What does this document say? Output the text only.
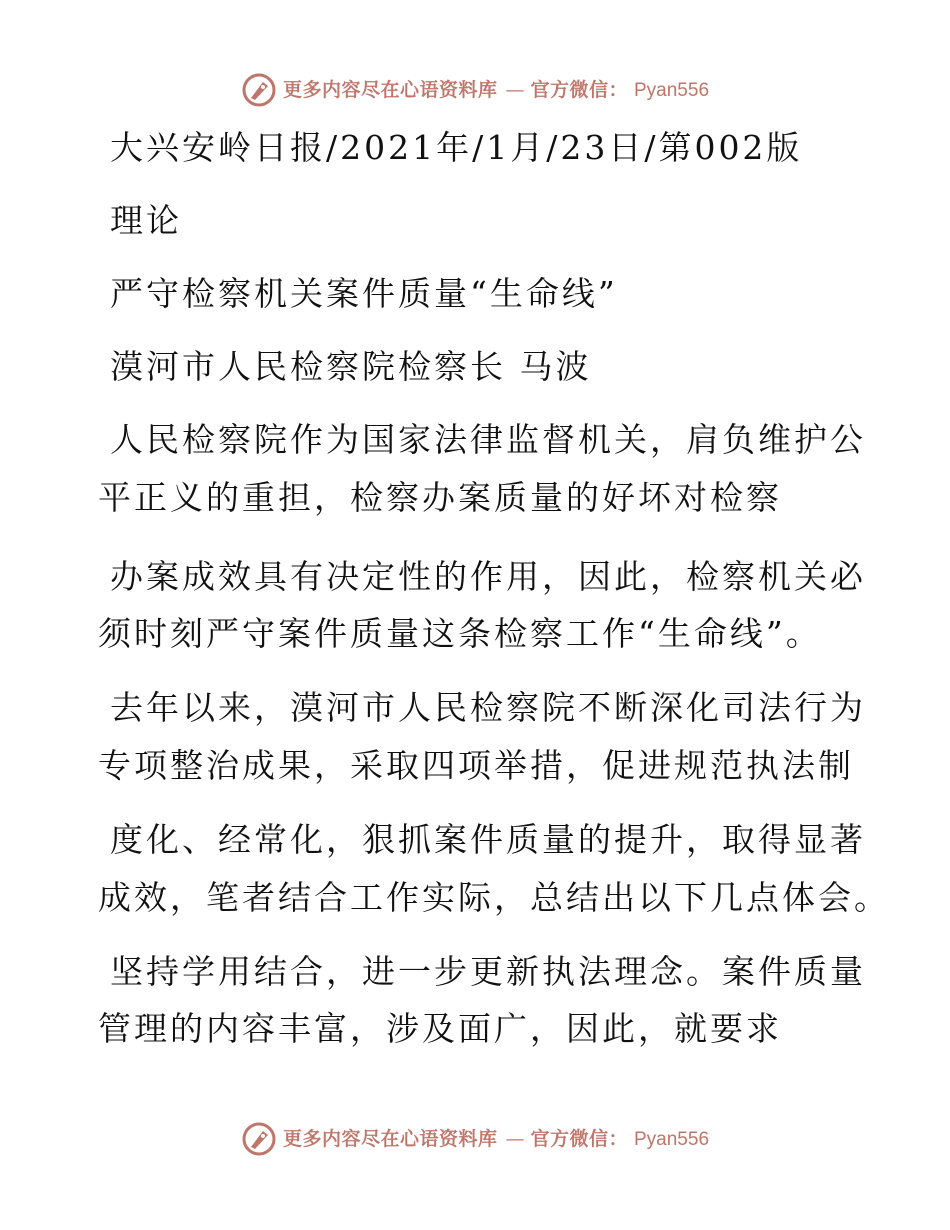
更多内容尽在心语资料库 — 官方微信： Pyan556
大兴安岭日报/2021年/1月/23日/第002版
理论
严守检察机关案件质量“生命线”
漠河市人民检察院检察长 马波
人民检察院作为国家法律监督机关，肩负维护公
平正义的重担，检察办案质量的好坏对检察
办案成效具有决定性的作用，因此，检察机关必
须时刻严守案件质量这条检察工作“生命线”。
去年以来，漠河市人民检察院不断深化司法行为
专项整治成果，采取四项举措，促进规范执法制
度化、经常化，狠抓案件质量的提升，取得显著
成效，笔者结合工作实际，总结出以下几点体会。
坚持学用结合，进一步更新执法理念。案件质量
管理的内容丰富，涉及面广，因此，就要求
更多内容尽在心语资料库 — 官方微信： Pyan556
